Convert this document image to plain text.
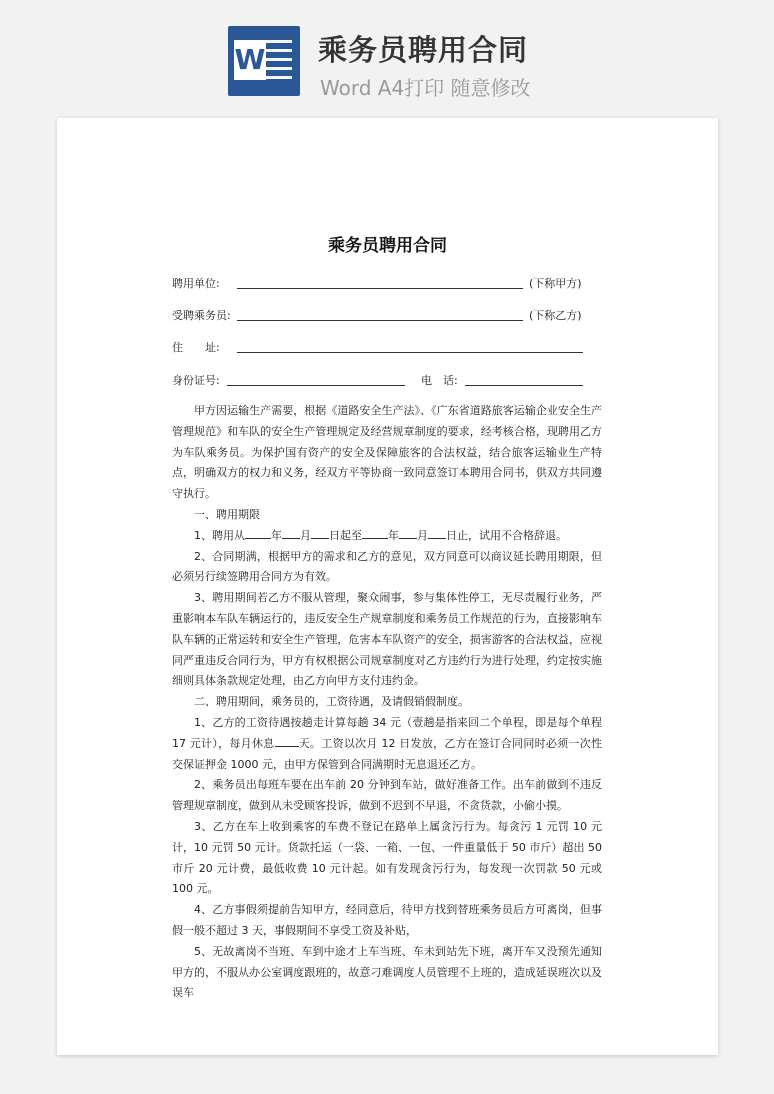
W 乘务员聘用合同
Word A4打印 随意修改
乘务员聘用合同
聘用单位:	(下称甲方)
受聘乘务员:	(下称乙方)
住　　址:
身份证号:	电　话:

甲方因运输生产需要，根据《道路安全生产法》、《广东省道路旅客运输企业安全生产管理规范》和车队的安全生产管理规定及经营规章制度的要求，经考核合格，现聘用乙方为车队乘务员。为保护国有资产的安全及保障旅客的合法权益，结合旅客运输业生产特点，明确双方的权力和义务，经双方平等协商一致同意签订本聘用合同书，供双方共同遵守执行。

一、聘用期限

1、聘用从 年 月 日起至 年 月 日止，试用不合格辞退。

2、合同期满，根据甲方的需求和乙方的意见，双方同意可以商议延长聘用期限，但必须另行续签聘用合同方为有效。

3、聘用期间若乙方不服从管理，聚众闹事，参与集体性停工，无尽责履行业务，严重影响本车队车辆运行的，违反安全生产规章制度和乘务员工作规范的行为，直接影响车队车辆的正常运转和安全生产管理，危害本车队资产的安全，损害游客的合法权益，应视同严重违反合同行为，甲方有权根据公司规章制度对乙方违约行为进行处理，约定按实施细则具体条款规定处理，由乙方向甲方支付违约金。

二、聘用期间，乘务员的，工资待遇，及请假销假制度。

1、乙方的工资待遇按趟走计算每趟 34 元（壹趟是指来回二个单程，即是每个单程 17 元计），每月休息 天。工资以次月 12 日发放，乙方在签订合同同时必须一次性交保证押金 1000 元，由甲方保管到合同满期时无息退还乙方。

2、乘务员出每班车要在出车前 20 分钟到车站，做好准备工作。出车前做到不违反管理规章制度，做到从未受顾客投诉，做到不迟到不早退，不贪货款，小偷小摸。

3、乙方在车上收到乘客的车费不登记在路单上属贪污行为。每贪污 1 元罚 10 元计，10 元罚 50 元计。货款托运（一袋、一箱、一包、一件重量低于 50 市斤）超出 50 市斤 20 元计费，最低收费 10 元计起。如有发现贪污行为，每发现一次罚款 50 元或 100 元。

4、乙方事假须提前告知甲方，经同意后，待甲方找到替班乘务员后方可离岗，但事假一般不超过 3 天，事假期间不享受工资及补贴，

5、无故离岗不当班、车到中途才上车当班、车未到站先下班，离开车又没预先通知甲方的，不服从办公室调度跟班的，故意刁难调度人员管理不上班的，造成延误班次以及误车
